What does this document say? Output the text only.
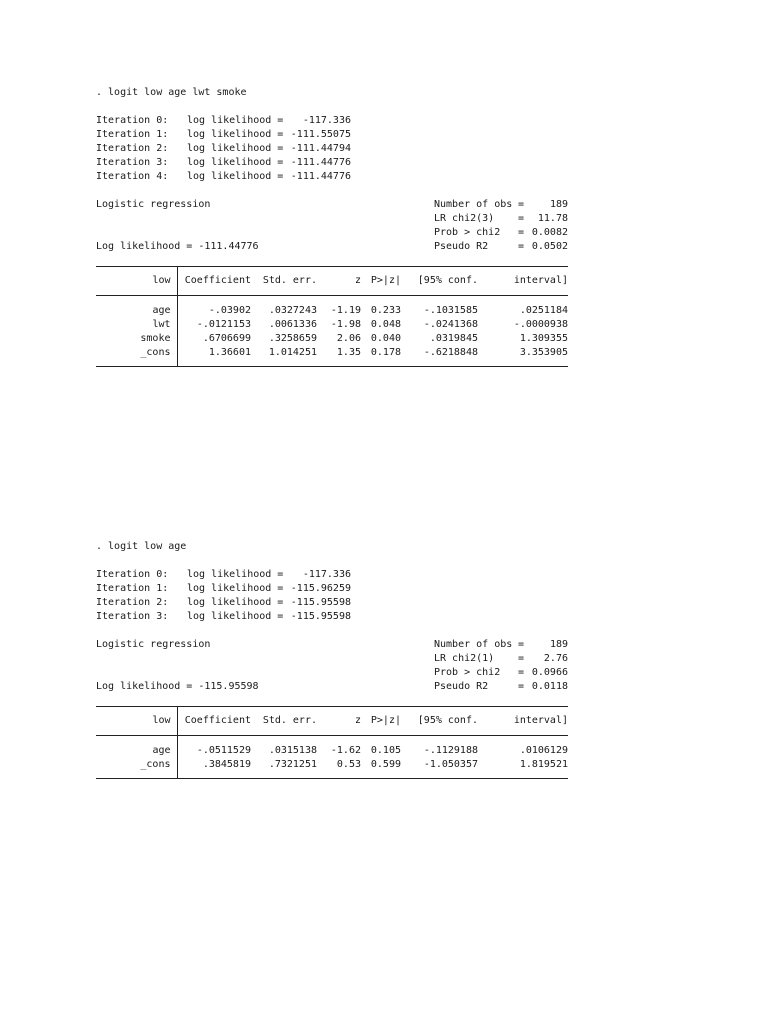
. logit low age lwt smoke
Iteration 0:	log likelihood =	-117.336
Iteration 1:	log likelihood = -111.55075
Iteration 2:	log likelihood = -111.44794
Iteration 3:	log likelihood = -111.44776
Iteration 4:	log likelihood = -111.44776
Logistic regression
Log likelihood = -111.44776
Number of obs =	189
LR chi2(3)	=	11.78
Prob > chi2	= 0.0082
Pseudo R2	= 0.0502
low	Coefficient	Std. err.	z	P>|z|	[95% conf.	interval]
age	-.03902	.0327243	-1.19	0.233	-.1031585	.0251184
lwt	-.0121153	.0061336	-1.98	0.048	-.0241368	-.0000938
smoke	.6706699	.3258659	2.06	0.040	.0319845	1.309355
_cons	1.36601	1.014251	1.35	0.178	-.6218848	3.353905
. logit low age
Iteration 0:	log likelihood =	-117.336
Iteration 1:	log likelihood = -115.96259
Iteration 2:	log likelihood = -115.95598
Iteration 3:	log likelihood = -115.95598
Logistic regression
Log likelihood = -115.95598
Number of obs =	189
LR chi2(1)	=	2.76
Prob > chi2	= 0.0966
Pseudo R2	= 0.0118
low	Coefficient	Std. err.	z	P>|z|	[95% conf.	interval]
age	-.0511529	.0315138	-1.62	0.105	-.1129188	.0106129
_cons	.3845819	.7321251	0.53	0.599	-1.050357	1.819521
